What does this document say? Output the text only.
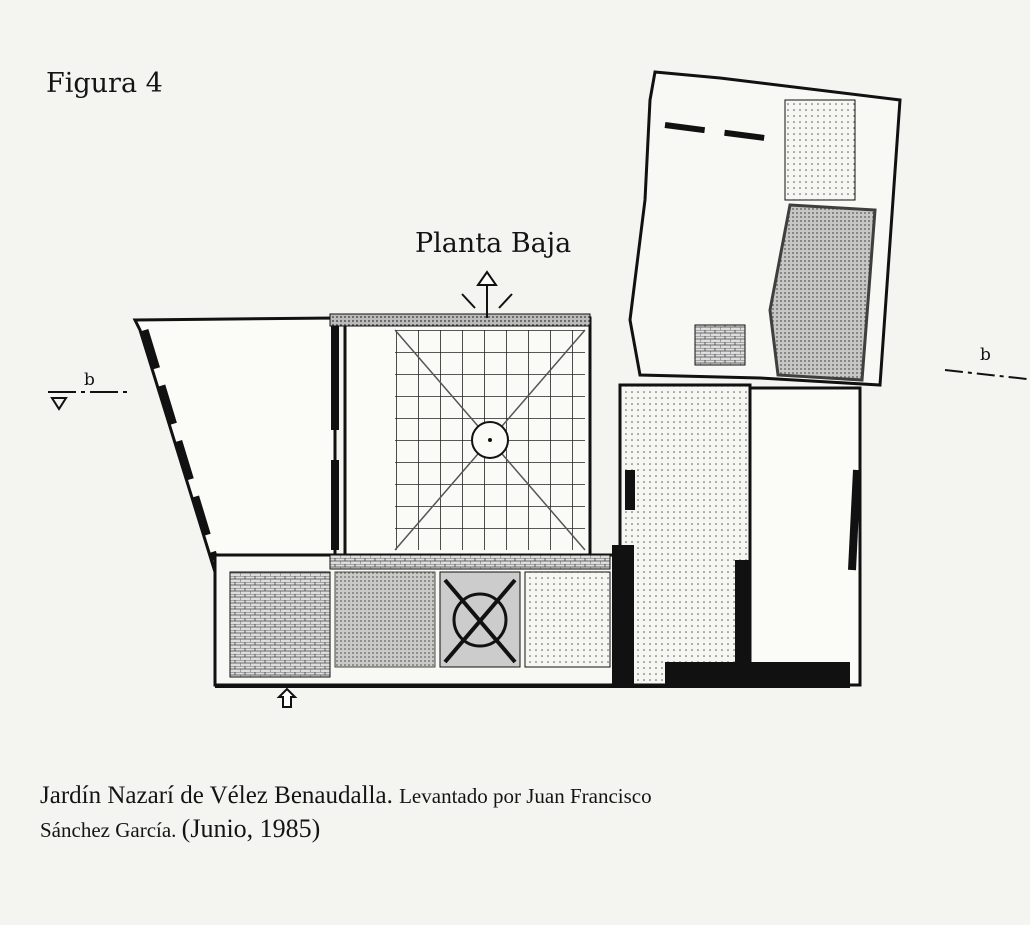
Figura 4
Planta Baja
b
b
Jardín Nazarí de Vélez Benaudalla. Levantado por Juan Francisco
Sánchez García. (Junio, 1985)
